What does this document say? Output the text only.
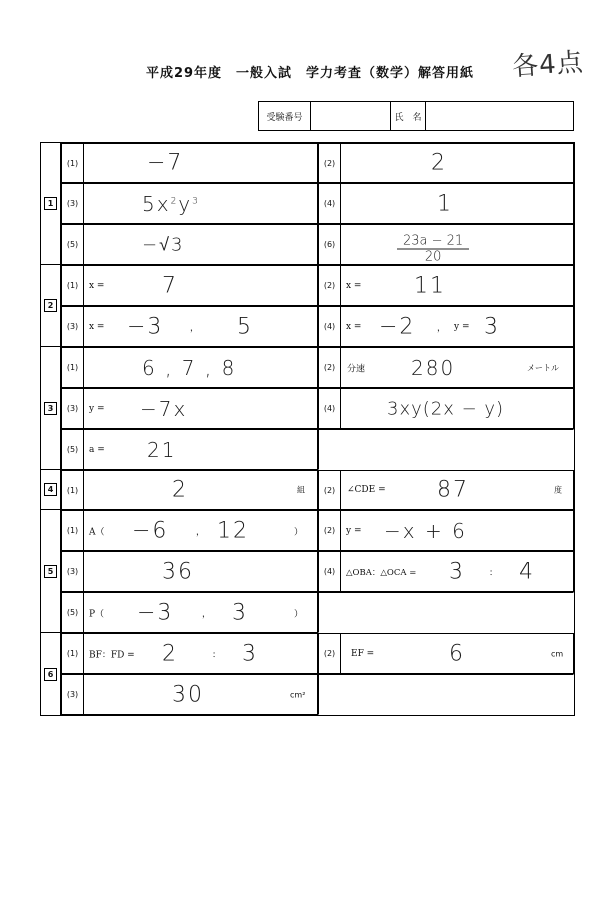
平成29年度　一般入試　学力考査（数学）解答用紙	各4点
受験番号	氏　名
1
(1)	−7	(2)	2
(3)	$5x^2y^3$	(4)	1
(5)	−√3	(6)	$\frac{23a - 21}{20}$
2
(1)	x =	7	(2)	x = 11
(3)	x = −3	， 5	(4)	x = −2 ， y = 3
3
(1)	6 , 7 , 8	(2)	分速 280	メートル
(3)	y = −7x	(4)	3xy(2x − y)
(5)	a = 21
4	(1)	2	組	(2)	∠CDE = 87	度
5
(1)	A（ −6	， 12	）	(2)	y = −x + 6
(3)	36	(4)	△OBA：△OCA = 3	： 4
(5)	P（ −3	， 3	）
6
(1)	BF：FD = 2	： 3	(2)	EF =	6	cm
(3)	30	cm²
